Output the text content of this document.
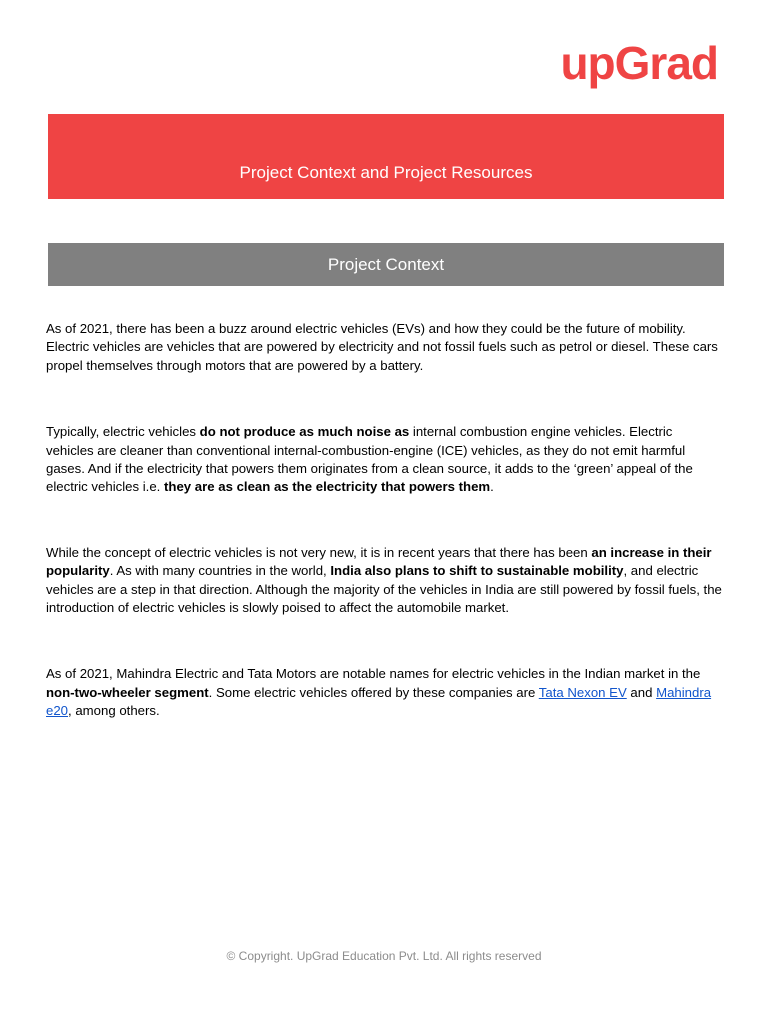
upGrad
Project Context and Project Resources
Project Context

As of 2021, there has been a buzz around electric vehicles (EVs) and how they could be the future of mobility. Electric vehicles are vehicles that are powered by electricity and not fossil fuels such as petrol or diesel. These cars propel themselves through motors that are powered by a battery.

Typically, electric vehicles do not produce as much noise as internal combustion engine vehicles. Electric vehicles are cleaner than conventional internal-combustion-engine (ICE) vehicles, as they do not emit harmful gases. And if the electricity that powers them originates from a clean source, it adds to the ‘green’ appeal of the electric vehicles i.e. they are as clean as the electricity that powers them.

While the concept of electric vehicles is not very new, it is in recent years that there has been an increase in their popularity. As with many countries in the world, India also plans to shift to sustainable mobility, and electric vehicles are a step in that direction. Although the majority of the vehicles in India are still powered by fossil fuels, the introduction of electric vehicles is slowly poised to affect the automobile market.

As of 2021, Mahindra Electric and Tata Motors are notable names for electric vehicles in the Indian market in the non-two-wheeler segment. Some electric vehicles offered by these companies are Tata Nexon EV and Mahindra e20, among others.

© Copyright. UpGrad Education Pvt. Ltd. All rights reserved
